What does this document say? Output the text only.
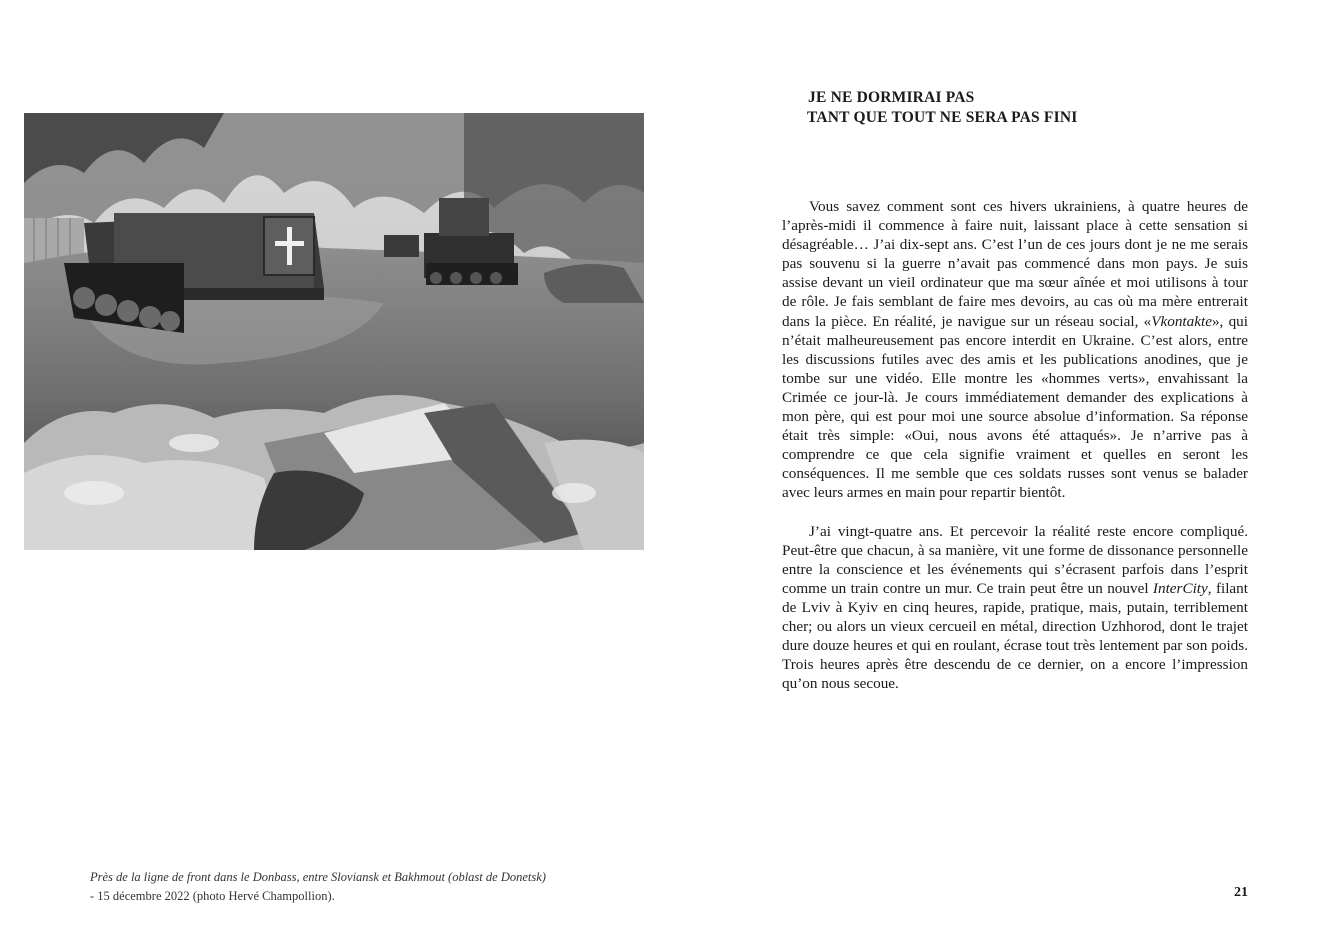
Près de la ligne de front dans le Donbass, entre Sloviansk et Bakhmout (oblast de Donetsk)
- 15 décembre 2022 (photo Hervé Champollion).
JE NE DORMIRAI PAS
TANT QUE TOUT NE SERA PAS FINI

Vous savez comment sont ces hivers ukrainiens, à quatre heures de l’après-midi il commence à faire nuit, laissant place à cette sensation si désagréable… J’ai dix-sept ans. C’est l’un de ces jours dont je ne me serais pas souvenu si la guerre n’avait pas commencé dans mon pays. Je suis assise devant un vieil ordinateur que ma sœur aînée et moi utilisons à tour de rôle. Je fais semblant de faire mes devoirs, au cas où ma mère entrerait dans la pièce. En réalité, je navigue sur un réseau social, «Vkontakte», qui n’était malheureusement pas encore interdit en Ukraine. C’est alors, entre les discussions futiles avec des amis et les publications anodines, que je tombe sur une vidéo. Elle montre les «hommes verts», envahissant la Crimée ce jour-là. Je cours immédiatement demander des explications à mon père, qui est pour moi une source absolue d’information. Sa réponse était très simple: «Oui, nous avons été attaqués». Je n’arrive pas à comprendre ce que cela signifie vraiment et quelles en seront les conséquences. Il me semble que ces soldats russes sont venus se balader avec leurs armes en main pour repartir bientôt.

J’ai vingt-quatre ans. Et percevoir la réalité reste encore compliqué. Peut-être que chacun, à sa manière, vit une forme de dissonance personnelle entre la conscience et les événements qui s’écrasent parfois dans l’esprit comme un train contre un mur. Ce train peut être un nouvel InterCity, filant de Lviv à Kyiv en cinq heures, rapide, pratique, mais, putain, terriblement cher; ou alors un vieux cercueil en métal, direction Uzhhorod, dont le trajet dure douze heures et qui en roulant, écrase tout très lentement par son poids. Trois heures après être descendu de ce dernier, on a encore l’impression qu’on nous secoue.

21
